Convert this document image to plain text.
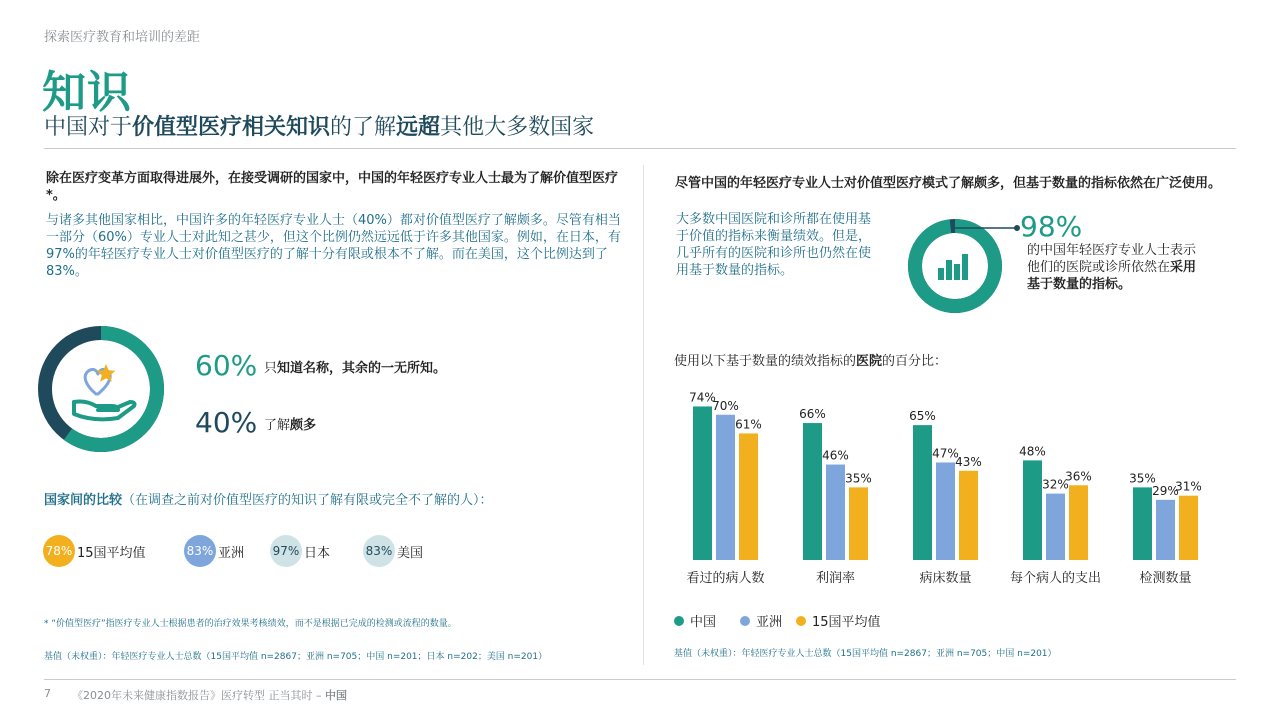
探索医疗教育和培训的差距
知识
中国对于价值型医疗相关知识的了解远超其他大多数国家
除在医疗变革方面取得进展外，在接受调研的国家中，中国的年轻医疗专业人士最为了解价值型医疗*。
与诸多其他国家相比，中国许多的年轻医疗专业人士（40%）都对价值型医疗了解颇多。尽管有相当一部分（60%）专业人士对此知之甚少，但这个比例仍然远远低于许多其他国家。例如，在日本，有97%的年轻医疗专业人士对价值型医疗的了解十分有限或根本不了解。而在美国，这个比例达到了83%。
60% 只知道名称，其余的一无所知。
40% 了解颇多
国家间的比较（在调查之前对价值型医疗的知识了解有限或完全不了解的人）：
78% 15国平均值	83% 亚洲 97% 日本	83% 美国
* “价值型医疗”指医疗专业人士根据患者的治疗效果考核绩效，而不是根据已完成的检测或流程的数量。
基值（未权重）：年轻医疗专业人士总数（15国平均值 n=2867；亚洲 n=705；中国 n=201；日本 n=202；美国 n=201）
尽管中国的年轻医疗专业人士对价值型医疗模式了解颇多，但基于数量的指标依然在广泛使用。
大多数中国医院和诊所都在使用基于价值的指标来衡量绩效。但是，几乎所有的医院和诊所也仍然在使用基于数量的指标。
98%
的中国年轻医疗专业人士表示他们的医院或诊所依然在采用基于数量的指标。
使用以下基于数量的绩效指标的医院的百分比：
74%
70%
61%
看过的病人数
66%
46%
35%
利润率
65%
47%
43%
病床数量
48%
32%
36%
每个病人的支出
35%
29%
31%
检测数量
中国	亚洲 15国平均值
基值（未权重）：年轻医疗专业人士总数（15国平均值 n=2867；亚洲 n=705；中国 n=201）
7 《2020年未来健康指数报告》医疗转型 正当其时 – 中国
